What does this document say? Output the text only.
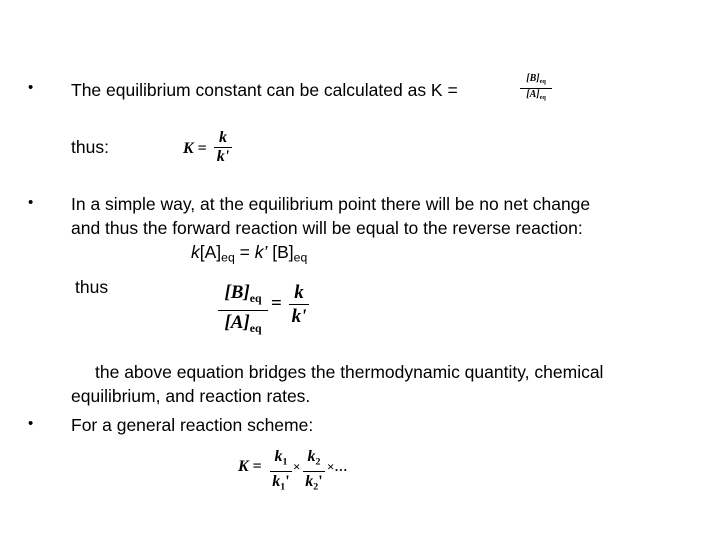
• The equilibrium constant can be calculated as K =
$[B]_{eq}$
$[A]_{eq}$
thus:	K =
k
k'
• In a simple way, at the equilibrium point there will be no net change
and thus the forward reaction will be equal to the reverse reaction:
$k[A]_{eq} = k$’ $[B]_{eq}$
thus	$[B]_{eq}$
$[A]_{eq}$
=
k
k'
the above equation bridges the thermodynamic quantity, chemical
equilibrium, and reaction rates.
• For a general reaction scheme:
K =
$k_1$
$k_1'$
×
$k_2$
$k_2'$
×…
